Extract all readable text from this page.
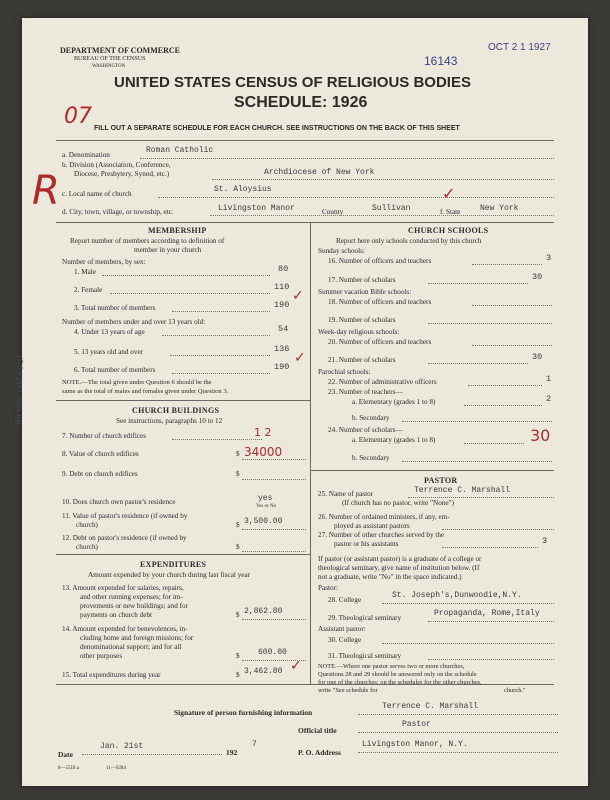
DEPARTMENT OF COMMERCE
BUREAU OF THE CENSUS
WASHINGTON
OCT 2 1 1927
16143
UNITED STATES CENSUS OF RELIGIOUS BODIES
SCHEDULE: 1926
07 FILL OUT A SEPARATE SCHEDULE FOR EACH CHURCH. SEE INSTRUCTIONS ON THE BACK OF THIS SHEET
R
a. Denomination	Roman Catholic
b. Division (Association, Conference,
Diocese, Presbytery, Synod, etc.)	Archdiocese of New York
c. Local name of church	St. Aloysius
d. City, town, village, or township, etc.	Livingston Manor	County	Sullivan	f. State New York
✓
MEMBERSHIP
Report number of members according to definition of
member in your church
Number of members, by sex:
1. Male	80
2. Female	110
3. Total number of members	190
✓
Number of members under and over 13 years old:
4. Under 13 years of age	54
5. 13 years old and over	136
6. Total number of members	190
✓
NOTE.—The total given under Question 6 should be the
same as the total of males and females given under Question 3.
Jen Vetter cald 4-5/27	CHURCH BUILDINGS
See instructions, paragraphs 10 to 12
7. Number of church edifices	1 2
8. Value of church edifices	$ 34000
9. Debt on church edifices	$
10. Does church own pastor's residence	yes
Yes or No
11. Value of pastor's residence (if owned by
church)	$ 3,500.00
12. Debt on pastor's residence (if owned by
church)	$
EXPENDITURES
Amount expended by your church during last fiscal year
13. Amount expended for salaries, repairs,
and other running expenses; for im-
provements or new buildings; and for
payments on church debt	$ 2,862.80
14. Amount expended for benevolences, in-
cluding home and foreign missions; for
denominational support; and for all
other purposes	$ 600.00
15. Total expenditures during year	$ 3,462.80 ✓
CHURCH SCHOOLS
Report here only schools conducted by this church
Sunday schools:
16. Number of officers and teachers	3
17. Number of scholars	30
Summer vacation Bible schools:
18. Number of officers and teachers
19. Number of scholars
Week-day religious schools:
20. Number of officers and teachers
21. Number of scholars	30
Parochial schools:
22. Number of administrative officers	1
23. Number of teachers—
a. Elementary (grades 1 to 8)	2
b. Secondary
24. Number of scholars—
a. Elementary (grades 1 to 8)	30
b. Secondary
PASTOR
25. Name of pastor	Terrence C. Marshall
(If church has no pastor, write "None")
26. Number of ordained ministers, if any, em-
ployed as assistant pastors
27. Number of other churches served by the
pastor or his assistants	3
If pastor (or assistant pastor) is a graduate of a college or
theological seminary, give name of institution below. (If
not a graduate, write "No" in the space indicated.)
Pastor:
28. College	St. Joseph's,Dunwoodie,N.Y.
29. Theological seminary	Propaganda, Rome,Italy
Assistant pastor:
30. College
31. Theological seminary
NOTE.—Where one pastor serves two or more churches,
Questions 28 and 29 should be answered only on the schedule
for one of the churches; on the schedules for the other churches,
write "See schedule for	church."
Signature of person furnishing information
Terrence C. Marshall
Official title
Pastor
Date
Jan. 21st
192
7
P. O. Address
Livingston Manor, N.Y.
8—5518 a	11—9284
